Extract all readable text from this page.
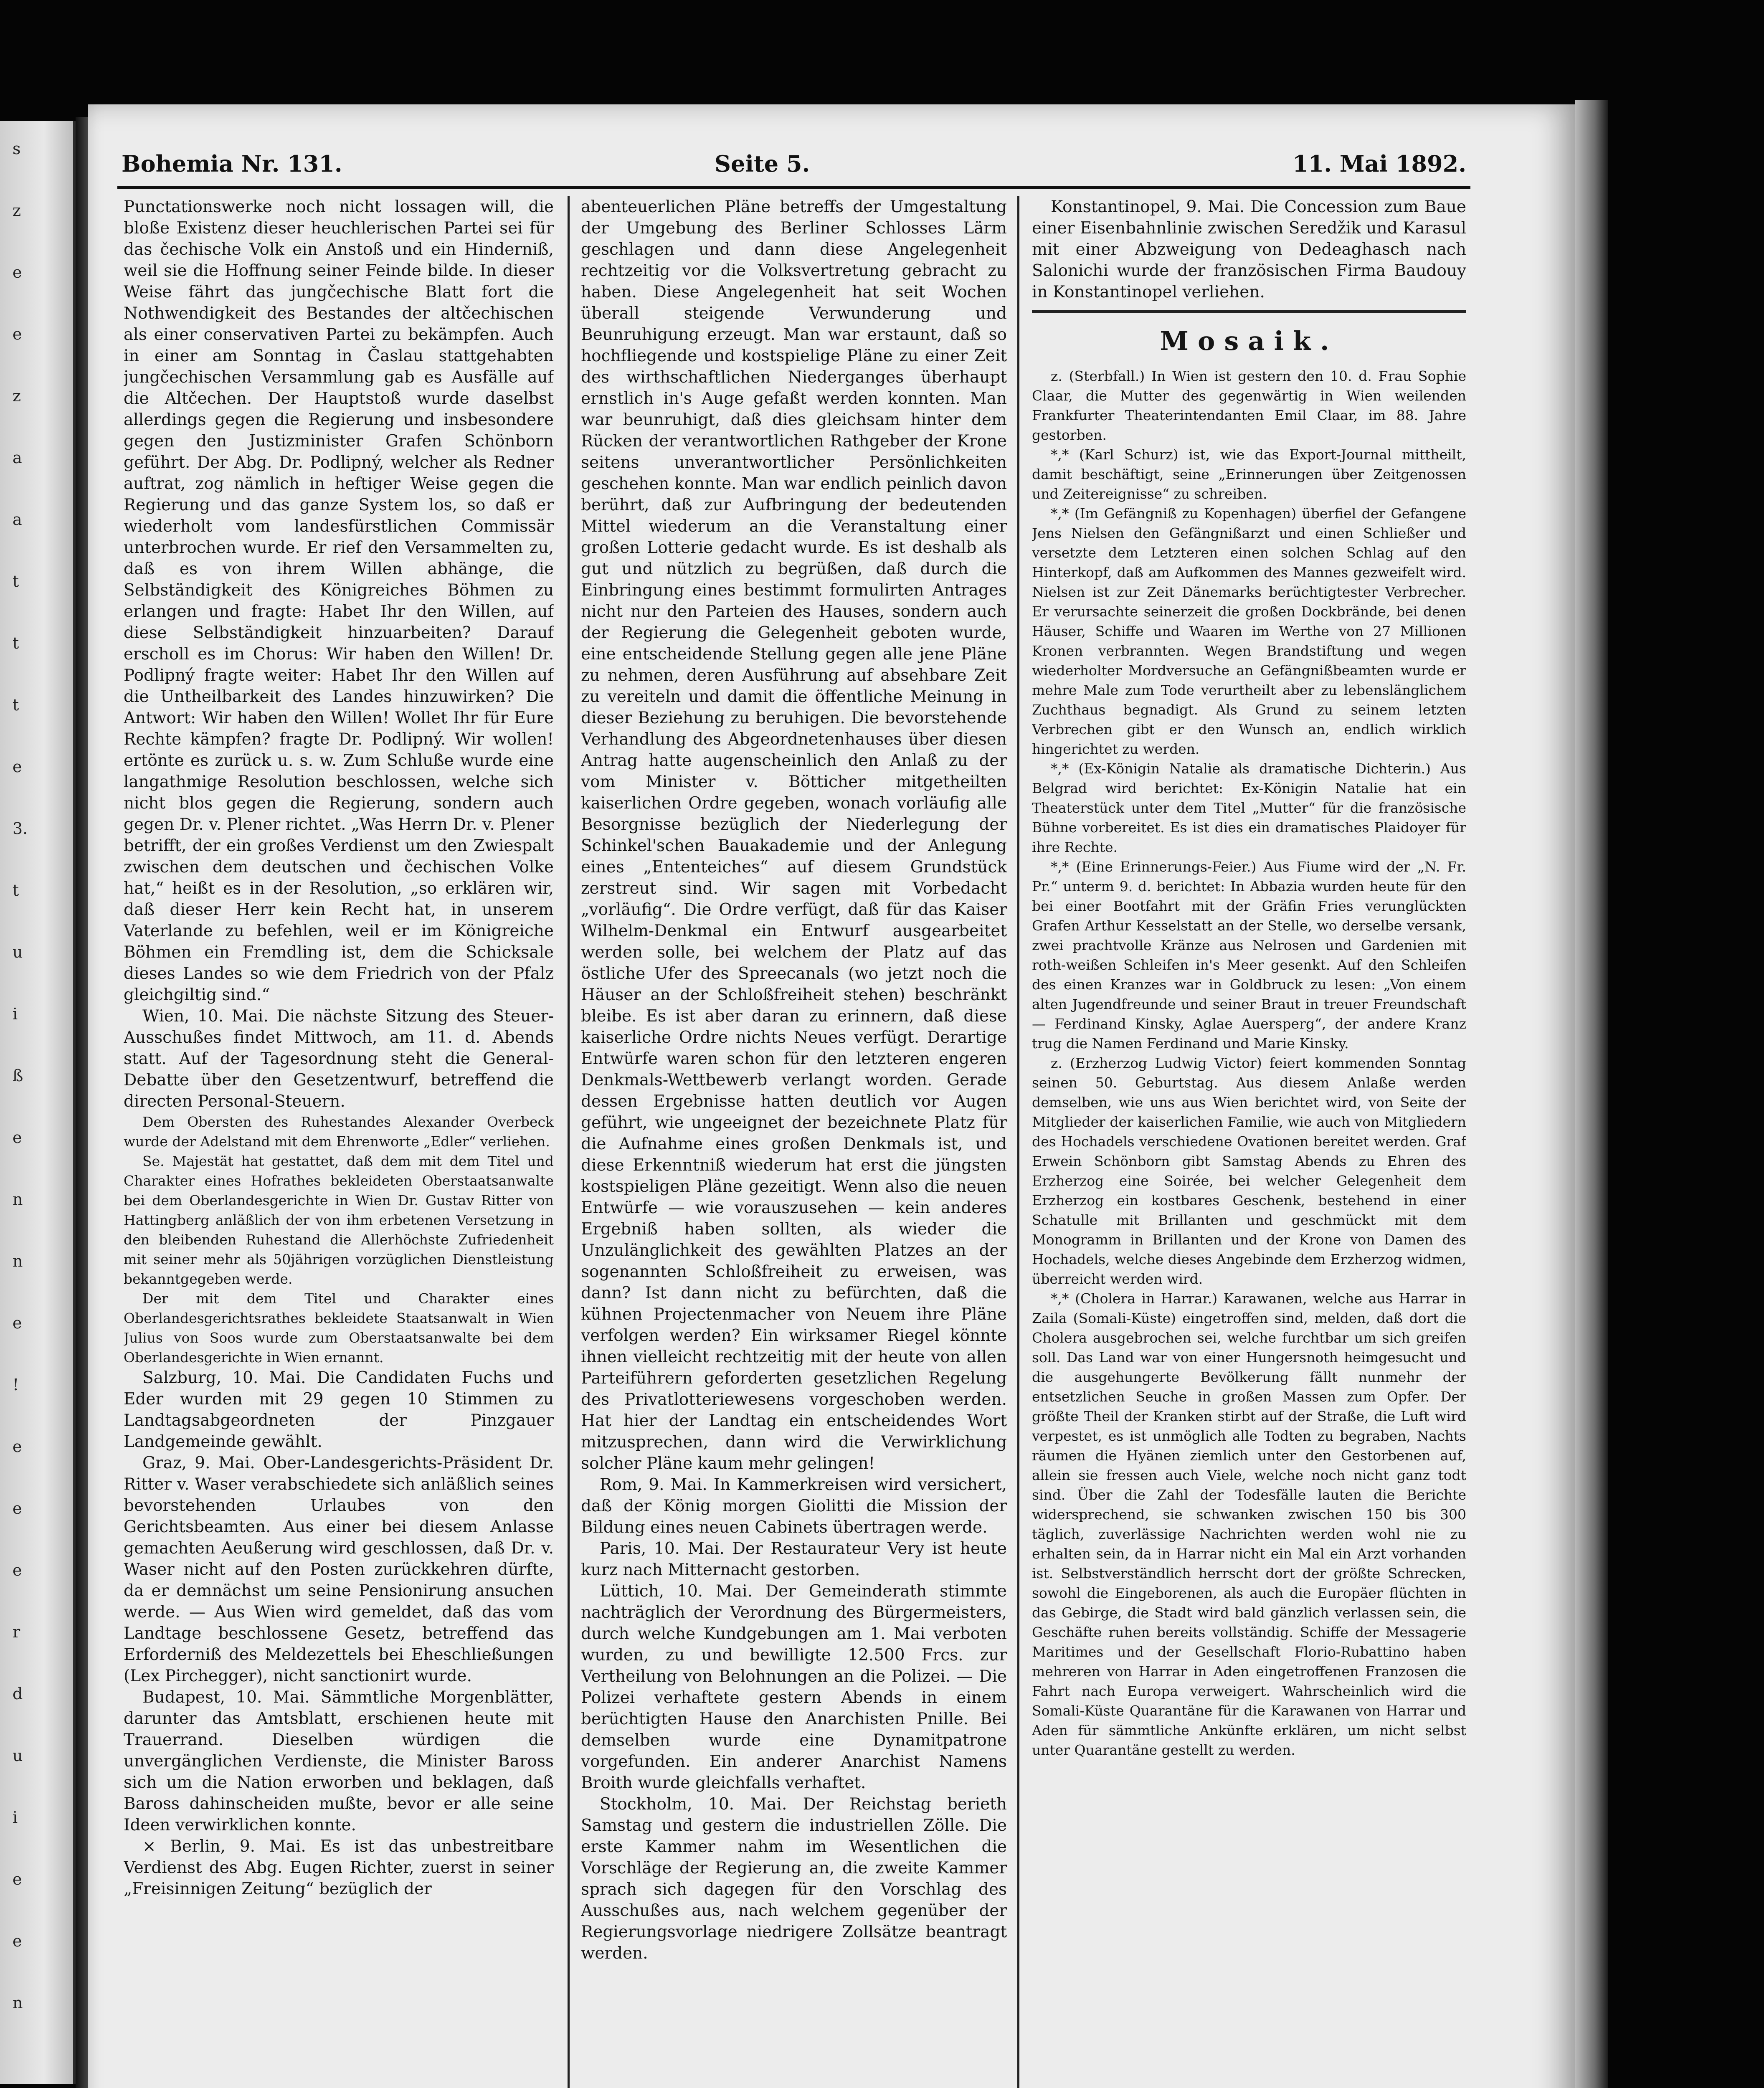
s
z
e
e
z
a
a
t
t
t
e
3.
t
u
i
ß
e
n
n
e
!
e
e
e
r
d
u
i
e
e
n
Bohemia Nr. 131.	Seite 5.	11. Mai 1892.

Punctationswerke noch nicht lossagen will, die bloße Existenz dieser heuchlerischen Partei sei für das čechische Volk ein Anstoß und ein Hinderniß, weil sie die Hoffnung seiner Feinde bilde. In dieser Weise fährt das jungčechische Blatt fort die Nothwendigkeit des Bestandes der altčechischen als einer conservativen Partei zu bekämpfen. Auch in einer am Sonntag in Časlau stattgehabten jungčechischen Versammlung gab es Ausfälle auf die Altčechen. Der Hauptstoß wurde daselbst allerdings gegen die Regierung und insbesondere gegen den Justizminister Grafen Schönborn geführt. Der Abg. Dr. Podlipný, welcher als Redner auftrat, zog nämlich in heftiger Weise gegen die Regierung und das ganze System los, so daß er wiederholt vom landesfürstlichen Commissär unterbrochen wurde. Er rief den Versammelten zu, daß es von ihrem Willen abhänge, die Selbständigkeit des Königreiches Böhmen zu erlangen und fragte: Habet Ihr den Willen, auf diese Selbständigkeit hinzuarbeiten? Darauf erscholl es im Chorus: Wir haben den Willen! Dr. Podlipný fragte weiter: Habet Ihr den Willen auf die Untheilbarkeit des Landes hinzuwirken? Die Antwort: Wir haben den Willen! Wollet Ihr für Eure Rechte kämpfen? fragte Dr. Podlipný. Wir wollen! ertönte es zurück u. s. w. Zum Schluße wurde eine langathmige Resolution beschlossen, welche sich nicht blos gegen die Regierung, sondern auch gegen Dr. v. Plener richtet. „Was Herrn Dr. v. Plener betrifft, der ein großes Verdienst um den Zwiespalt zwischen dem deutschen und čechischen Volke hat,“ heißt es in der Resolution, „so erklären wir, daß dieser Herr kein Recht hat, in unserem Vaterlande zu befehlen, weil er im Königreiche Böhmen ein Fremdling ist, dem die Schicksale dieses Landes so wie dem Friedrich von der Pfalz gleichgiltig sind.“

Wien, 10. Mai. Die nächste Sitzung des Steuer-Ausschußes findet Mittwoch, am 11. d. Abends statt. Auf der Tagesordnung steht die General-Debatte über den Gesetzentwurf, betreffend die directen Personal-Steuern.

Dem Obersten des Ruhestandes Alexander Overbeck wurde der Adelstand mit dem Ehrenworte „Edler“ verliehen.

Se. Majestät hat gestattet, daß dem mit dem Titel und Charakter eines Hofrathes bekleideten Oberstaatsanwalte bei dem Oberlandesgerichte in Wien Dr. Gustav Ritter von Hattingberg anläßlich der von ihm erbetenen Versetzung in den bleibenden Ruhestand die Allerhöchste Zufriedenheit mit seiner mehr als 50jährigen vorzüglichen Dienstleistung bekanntgegeben werde.

Der mit dem Titel und Charakter eines Oberlandesgerichtsrathes bekleidete Staatsanwalt in Wien Julius von Soos wurde zum Oberstaatsanwalte bei dem Oberlandesgerichte in Wien ernannt.

Salzburg, 10. Mai. Die Candidaten Fuchs und Eder wurden mit 29 gegen 10 Stimmen zu Landtagsabgeordneten der Pinzgauer Landgemeinde gewählt.

Graz, 9. Mai. Ober-Landesgerichts-Präsident Dr. Ritter v. Waser verabschiedete sich anläßlich seines bevorstehenden Urlaubes von den Gerichtsbeamten. Aus einer bei diesem Anlasse gemachten Aeußerung wird geschlossen, daß Dr. v. Waser nicht auf den Posten zurückkehren dürfte, da er demnächst um seine Pensionirung ansuchen werde. — Aus Wien wird gemeldet, daß das vom Landtage beschlossene Gesetz, betreffend das Erforderniß des Meldezettels bei Eheschließungen (Lex Pirchegger), nicht sanctionirt wurde.

Budapest, 10. Mai. Sämmtliche Morgenblätter, darunter das Amtsblatt, erschienen heute mit Trauerrand. Dieselben würdigen die unvergänglichen Verdienste, die Minister Baross sich um die Nation erworben und beklagen, daß Baross dahinscheiden mußte, bevor er alle seine Ideen verwirklichen konnte.

× Berlin, 9. Mai. Es ist das unbestreitbare Verdienst des Abg. Eugen Richter, zuerst in seiner „Freisinnigen Zeitung“ bezüglich der

abenteuerlichen Pläne betreffs der Umgestaltung der Umgebung des Berliner Schlosses Lärm geschlagen und dann diese Angelegenheit rechtzeitig vor die Volksvertretung gebracht zu haben. Diese Angelegenheit hat seit Wochen überall steigende Verwunderung und Beunruhigung erzeugt. Man war erstaunt, daß so hochfliegende und kostspielige Pläne zu einer Zeit des wirthschaftlichen Niederganges überhaupt ernstlich in's Auge gefaßt werden konnten. Man war beunruhigt, daß dies gleichsam hinter dem Rücken der verantwortlichen Rathgeber der Krone seitens unverantwortlicher Persönlichkeiten geschehen konnte. Man war endlich peinlich davon berührt, daß zur Aufbringung der bedeutenden Mittel wiederum an die Veranstaltung einer großen Lotterie gedacht wurde. Es ist deshalb als gut und nützlich zu begrüßen, daß durch die Einbringung eines bestimmt formulirten Antrages nicht nur den Parteien des Hauses, sondern auch der Regierung die Gelegenheit geboten wurde, eine entscheidende Stellung gegen alle jene Pläne zu nehmen, deren Ausführung auf absehbare Zeit zu vereiteln und damit die öffentliche Meinung in dieser Beziehung zu beruhigen. Die bevorstehende Verhandlung des Abgeordnetenhauses über diesen Antrag hatte augenscheinlich den Anlaß zu der vom Minister v. Bötticher mitgetheilten kaiserlichen Ordre gegeben, wonach vorläufig alle Besorgnisse bezüglich der Niederlegung der Schinkel'schen Bauakademie und der Anlegung eines „Ententeiches“ auf diesem Grundstück zerstreut sind. Wir sagen mit Vorbedacht „vorläufig“. Die Ordre verfügt, daß für das Kaiser Wilhelm-Denkmal ein Entwurf ausgearbeitet werden solle, bei welchem der Platz auf das östliche Ufer des Spreecanals (wo jetzt noch die Häuser an der Schloßfreiheit stehen) beschränkt bleibe. Es ist aber daran zu erinnern, daß diese kaiserliche Ordre nichts Neues verfügt. Derartige Entwürfe waren schon für den letzteren engeren Denkmals-Wettbewerb verlangt worden. Gerade dessen Ergebnisse hatten deutlich vor Augen geführt, wie ungeeignet der bezeichnete Platz für die Aufnahme eines großen Denkmals ist, und diese Erkenntniß wiederum hat erst die jüngsten kostspieligen Pläne gezeitigt. Wenn also die neuen Entwürfe — wie vorauszusehen — kein anderes Ergebniß haben sollten, als wieder die Unzulänglichkeit des gewählten Platzes an der sogenannten Schloßfreiheit zu erweisen, was dann? Ist dann nicht zu befürchten, daß die kühnen Projectenmacher von Neuem ihre Pläne verfolgen werden? Ein wirksamer Riegel könnte ihnen vielleicht rechtzeitig mit der heute von allen Parteiführern geforderten gesetzlichen Regelung des Privatlotteriewesens vorgeschoben werden. Hat hier der Landtag ein entscheidendes Wort mitzusprechen, dann wird die Verwirklichung solcher Pläne kaum mehr gelingen!

Rom, 9. Mai. In Kammerkreisen wird versichert, daß der König morgen Giolitti die Mission der Bildung eines neuen Cabinets übertragen werde.

Paris, 10. Mai. Der Restaurateur Very ist heute kurz nach Mitternacht gestorben.

Lüttich, 10. Mai. Der Gemeinderath stimmte nachträglich der Verordnung des Bürgermeisters, durch welche Kundgebungen am 1. Mai verboten wurden, zu und bewilligte 12.500 Frcs. zur Vertheilung von Belohnungen an die Polizei. — Die Polizei verhaftete gestern Abends in einem berüchtigten Hause den Anarchisten Pnille. Bei demselben wurde eine Dynamitpatrone vorgefunden. Ein anderer Anarchist Namens Broith wurde gleichfalls verhaftet.

Stockholm, 10. Mai. Der Reichstag berieth Samstag und gestern die industriellen Zölle. Die erste Kammer nahm im Wesentlichen die Vorschläge der Regierung an, die zweite Kammer sprach sich dagegen für den Vorschlag des Ausschußes aus, nach welchem gegenüber der Regierungsvorlage niedrigere Zollsätze beantragt werden.

Konstantinopel, 9. Mai. Die Concession zum Baue einer Eisenbahnlinie zwischen Seredžik und Karasul mit einer Abzweigung von Dedeaghasch nach Salonichi wurde der französischen Firma Baudouy in Konstantinopel verliehen.

Mosaik.

z. (Sterbfall.) In Wien ist gestern den 10. d. Frau Sophie Claar, die Mutter des gegenwärtig in Wien weilenden Frankfurter Theaterintendanten Emil Claar, im 88. Jahre gestorben.

*,* (Karl Schurz) ist, wie das Export-Journal mittheilt, damit beschäftigt, seine „Erinnerungen über Zeitgenossen und Zeitereignisse“ zu schreiben.

*,* (Im Gefängniß zu Kopenhagen) überfiel der Gefangene Jens Nielsen den Gefängnißarzt und einen Schließer und versetzte dem Letzteren einen solchen Schlag auf den Hinterkopf, daß am Aufkommen des Mannes gezweifelt wird. Nielsen ist zur Zeit Dänemarks berüchtigtester Verbrecher. Er verursachte seinerzeit die großen Dockbrände, bei denen Häuser, Schiffe und Waaren im Werthe von 27 Millionen Kronen verbrannten. Wegen Brandstiftung und wegen wiederholter Mordversuche an Gefängnißbeamten wurde er mehre Male zum Tode verurtheilt aber zu lebenslänglichem Zuchthaus begnadigt. Als Grund zu seinem letzten Verbrechen gibt er den Wunsch an, endlich wirklich hingerichtet zu werden.

*,* (Ex-Königin Natalie als dramatische Dichterin.) Aus Belgrad wird berichtet: Ex-Königin Natalie hat ein Theaterstück unter dem Titel „Mutter“ für die französische Bühne vorbereitet. Es ist dies ein dramatisches Plaidoyer für ihre Rechte.

*,* (Eine Erinnerungs-Feier.) Aus Fiume wird der „N. Fr. Pr.“ unterm 9. d. berichtet: In Abbazia wurden heute für den bei einer Bootfahrt mit der Gräfin Fries verunglückten Grafen Arthur Kesselstatt an der Stelle, wo derselbe versank, zwei prachtvolle Kränze aus Nelrosen und Gardenien mit roth-weißen Schleifen in's Meer gesenkt. Auf den Schleifen des einen Kranzes war in Goldbruck zu lesen: „Von einem alten Jugendfreunde und seiner Braut in treuer Freundschaft — Ferdinand Kinsky, Aglae Auersperg“, der andere Kranz trug die Namen Ferdinand und Marie Kinsky.

z. (Erzherzog Ludwig Victor) feiert kommenden Sonntag seinen 50. Geburtstag. Aus diesem Anlaße werden demselben, wie uns aus Wien berichtet wird, von Seite der Mitglieder der kaiserlichen Familie, wie auch von Mitgliedern des Hochadels verschiedene Ovationen bereitet werden. Graf Erwein Schönborn gibt Samstag Abends zu Ehren des Erzherzog eine Soirée, bei welcher Gelegenheit dem Erzherzog ein kostbares Geschenk, bestehend in einer Schatulle mit Brillanten und geschmückt mit dem Monogramm in Brillanten und der Krone von Damen des Hochadels, welche dieses Angebinde dem Erzherzog widmen, überreicht werden wird.

*,* (Cholera in Harrar.) Karawanen, welche aus Harrar in Zaila (Somali-Küste) eingetroffen sind, melden, daß dort die Cholera ausgebrochen sei, welche furchtbar um sich greifen soll. Das Land war von einer Hungersnoth heimgesucht und die ausgehungerte Bevölkerung fällt nunmehr der entsetzlichen Seuche in großen Massen zum Opfer. Der größte Theil der Kranken stirbt auf der Straße, die Luft wird verpestet, es ist unmöglich alle Todten zu begraben, Nachts räumen die Hyänen ziemlich unter den Gestorbenen auf, allein sie fressen auch Viele, welche noch nicht ganz todt sind. Über die Zahl der Todesfälle lauten die Berichte widersprechend, sie schwanken zwischen 150 bis 300 täglich, zuverlässige Nachrichten werden wohl nie zu erhalten sein, da in Harrar nicht ein Mal ein Arzt vorhanden ist. Selbstverständlich herrscht dort der größte Schrecken, sowohl die Eingeborenen, als auch die Europäer flüchten in das Gebirge, die Stadt wird bald gänzlich verlassen sein, die Geschäfte ruhen bereits vollständig. Schiffe der Messagerie Maritimes und der Gesellschaft Florio-Rubattino haben mehreren von Harrar in Aden eingetroffenen Franzosen die Fahrt nach Europa verweigert. Wahrscheinlich wird die Somali-Küste Quarantäne für die Karawanen von Harrar und Aden für sämmtliche Ankünfte erklären, um nicht selbst unter Quarantäne gestellt zu werden.
